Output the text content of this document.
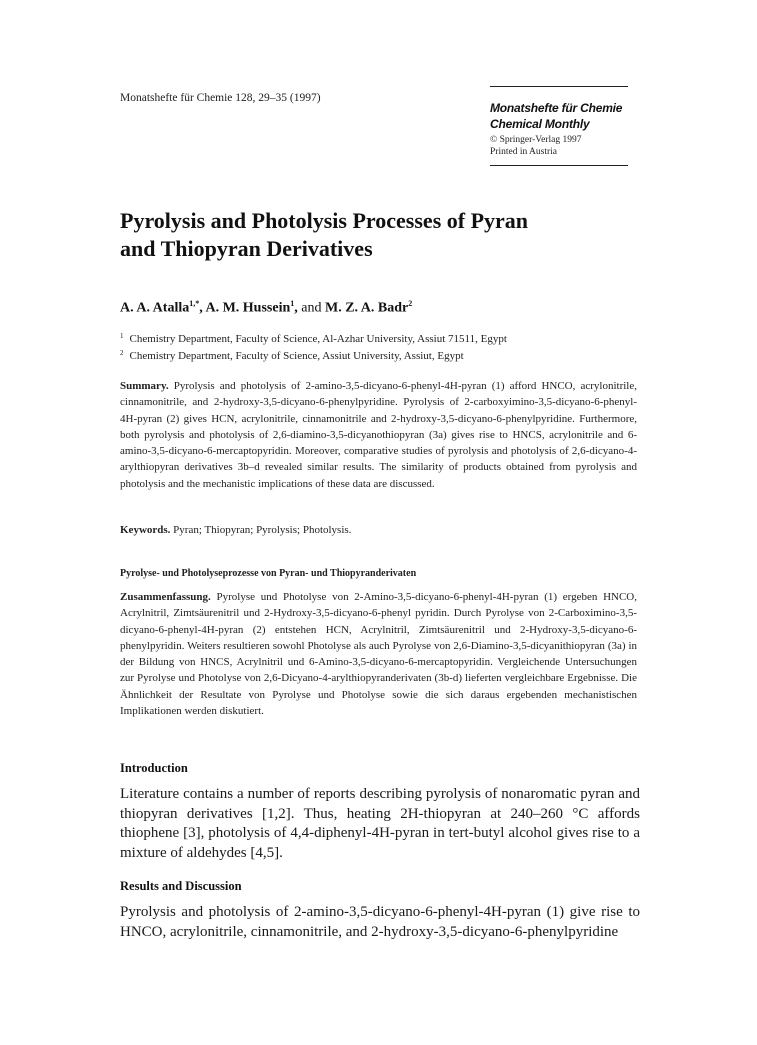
Monatshefte für Chemie 128, 29–35 (1997)
Monatshefte für Chemie
Chemical Monthly
© Springer-Verlag 1997
Printed in Austria
Pyrolysis and Photolysis Processes of Pyran
and Thiopyran Derivatives
A. A. Atalla$^{1,*}$, A. M. Hussein$^1$, and M. Z. A. Badr$^2$
$^1$ Chemistry Department, Faculty of Science, Al-Azhar University, Assiut 71511, Egypt
$^2$ Chemistry Department, Faculty of Science, Assiut University, Assiut, Egypt
Summary. Pyrolysis and photolysis of 2-amino-3,5-dicyano-6-phenyl-4H-pyran (1) afford HNCO, acrylonitrile, cinnamonitrile, and 2-hydroxy-3,5-dicyano-6-phenylpyridine. Pyrolysis of 2-carboxyimino-3,5-dicyano-6-phenyl-4H-pyran (2) gives HCN, acrylonitrile, cinnamonitrile and 2-hydroxy-3,5-dicyano-6-phenylpyridine. Furthermore, both pyrolysis and photolysis of 2,6-diamino-3,5-dicyanothiopyran (3a) gives rise to HNCS, acrylonitrile and 6-amino-3,5-dicyano-6-mercaptopyridin. Moreover, comparative studies of pyrolysis and photolysis of 2,6-dicyano-4-arylthiopyran derivatives 3b–d revealed similar results. The similarity of products obtained from pyrolysis and photolysis and the mechanistic implications of these data are discussed.
Keywords. Pyran; Thiopyran; Pyrolysis; Photolysis.
Pyrolyse- und Photolyseprozesse von Pyran- und Thiopyranderivaten
Zusammenfassung. Pyrolyse und Photolyse von 2-Amino-3,5-dicyano-6-phenyl-4H-pyran (1) ergeben HNCO, Acrylnitril, Zimtsäurenitril und 2-Hydroxy-3,5-dicyano-6-phenyl pyridin. Durch Pyrolyse von 2-Carboximino-3,5-dicyano-6-phenyl-4H-pyran (2) entstehen HCN, Acrylnitril, Zimtsäurenitril und 2-Hydroxy-3,5-dicyano-6-phenylpyridin. Weiters resultieren sowohl Photolyse als auch Pyrolyse von 2,6-Diamino-3,5-dicyanithiopyran (3a) in der Bildung von HNCS, Acrylnitril und 6-Amino-3,5-dicyano-6-mercaptopyridin. Vergleichende Untersuchungen zur Pyrolyse und Photolyse von 2,6-Dicyano-4-arylthiopyranderivaten (3b-d) lieferten vergleichbare Ergebnisse. Die Ähnlichkeit der Resultate von Pyrolyse und Photolyse sowie die sich daraus ergebenden mechanistischen Implikationen werden diskutiert.
Introduction
Literature contains a number of reports describing pyrolysis of nonaromatic pyran and thiopyran derivatives [1,2]. Thus, heating 2H-thiopyran at 240–260 °C affords thiophene [3], photolysis of 4,4-diphenyl-4H-pyran in tert-butyl alcohol gives rise to a mixture of aldehydes [4,5].
Results and Discussion
Pyrolysis and photolysis of 2-amino-3,5-dicyano-6-phenyl-4H-pyran (1) give rise to HNCO, acrylonitrile, cinnamonitrile, and 2-hydroxy-3,5-dicyano-6-phenylpyridine
